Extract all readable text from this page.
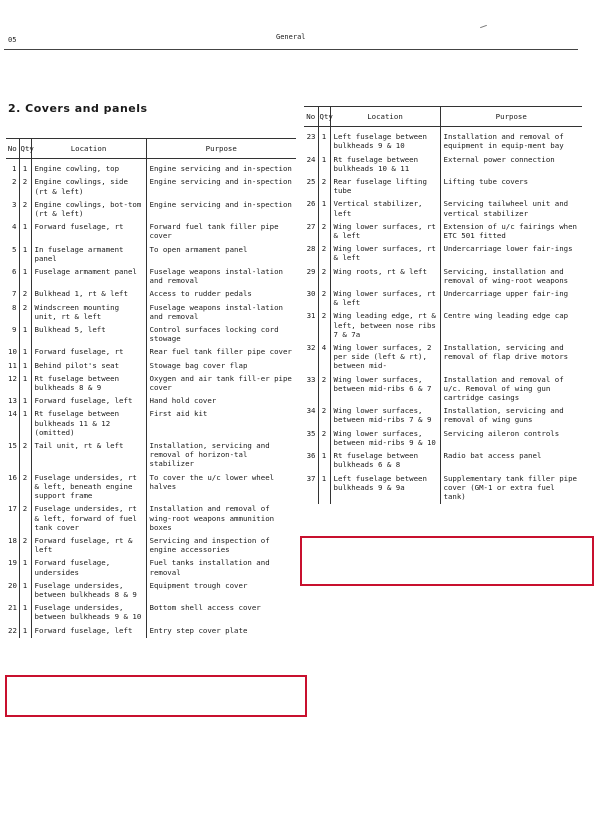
05	General
2. Covers and panels
No	Qty	Location	Purpose
1	1	Engine cowling, top	Engine servicing and in-spection
2	2	Engine cowlings, side (rt & left)	Engine servicing and in-spection
3	2	Engine cowlings, bot-tom (rt & left)	Engine servicing and in-spection
4	1	Forward fuselage, rt	Forward fuel tank filler pipe cover
5	1	In fuselage armament panel	To open armament panel
6	1	Fuselage armament panel	Fuselage weapons instal-lation and removal
7	2	Bulkhead 1, rt & left	Access to rudder pedals
8	2	Windscreen mounting unit, rt & left	Fuselage weapons instal-lation and removal
9	1	Bulkhead 5, left	Control surfaces locking cord stowage
10	1	Forward fuselage, rt	Rear fuel tank filler pipe cover
11	1	Behind pilot's seat	Stowage bag cover flap
12	1	Rt fuselage between bulkheads 8 & 9	Oxygen and air tank fill-er pipe cover
13	1	Forward fuselage, left	Hand hold cover
14	1	Rt fuselage between bulkheads 11 & 12 (omitted)	First aid kit
15	2	Tail unit, rt & left	Installation, servicing and removal of horizon-tal stabilizer
16	2	Fuselage undersides, rt & left, beneath engine support frame	To cover the u/c lower wheel halves
17	2	Fuselage undersides, rt & left, forward of fuel tank cover	Installation and removal of wing-root weapons ammunition boxes
18	2	Forward fuselage, rt & left	Servicing and inspection of engine accessories
19	1	Forward fuselage, undersides	Fuel tanks installation and removal
20	1	Fuselage undersides, between bulkheads 8 & 9	Equipment trough cover
21	1	Fuselage undersides, between bulkheads 9 & 10	Bottom shell access cover
22	1	Forward fuselage, left	Entry step cover plate
No	Qty	Location	Purpose
23	1	Left fuselage between bulkheads 9 & 10	Installation and removal of equipment in equip-ment bay
24	1	Rt fuselage between bulkheads 10 & 11	External power connection
25	2	Rear fuselage lifting tube	Lifting tube covers
26	1	Vertical stabilizer, left	Servicing tailwheel unit and vertical stabilizer
27	2	Wing lower surfaces, rt & left	Extension of u/c fairings when ETC 501 fitted
28	2	Wing lower surfaces, rt & left	Undercarriage lower fair-ings
29	2	Wing roots, rt & left	Servicing, installation and removal of wing-root weapons
30	2	Wing lower surfaces, rt & left	Undercarriage upper fair-ing
31	2	Wing leading edge, rt & left, between nose ribs 7 & 7a	Centre wing leading edge cap
32	4	Wing lower surfaces, 2 per side (left & rt), between mid-	Installation, servicing and removal of flap drive motors
33	2	Wing lower surfaces, between mid-ribs 6 & 7	Installation and removal of u/c. Removal of wing gun cartridge casings
34	2	Wing lower surfaces, between mid-ribs 7 & 9	Installation, servicing and removal of wing guns
35	2	Wing lower surfaces, between mid-ribs 9 & 10	Servicing aileron controls
36	1	Rt fuselage between bulkheads 6 & 8	Radio bat access panel
37	1	Left fuselage between bulkheads 9 & 9a	Supplementary tank filler pipe cover (GM-1 or extra fuel tank)
